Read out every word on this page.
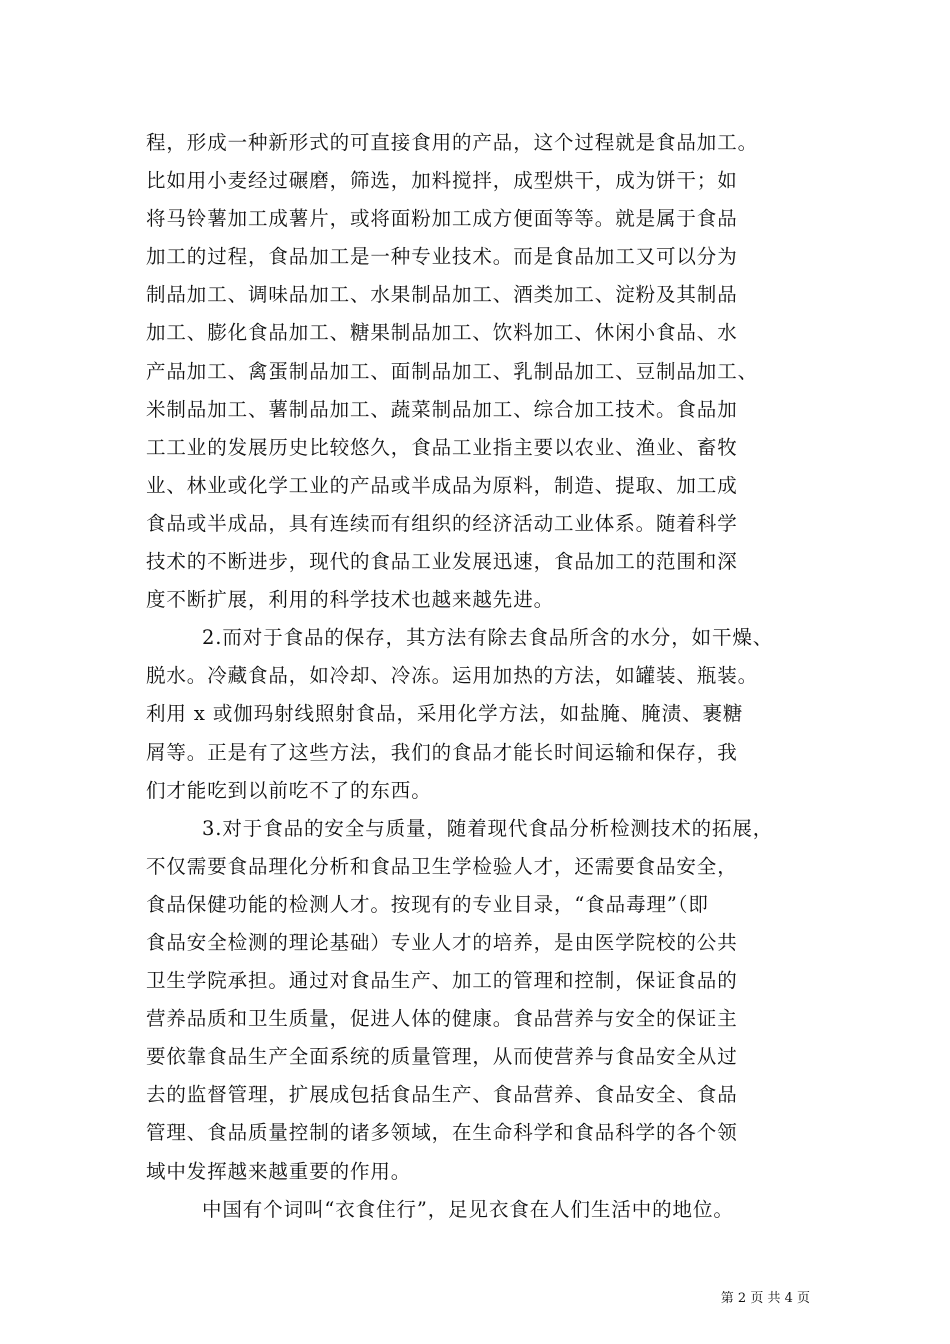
程，形成一种新形式的可直接食用的产品，这个过程就是食品加工。
比如用小麦经过碾磨，筛选，加料搅拌，成型烘干，成为饼干；如
将马铃薯加工成薯片，或将面粉加工成方便面等等。就是属于食品
加工的过程，食品加工是一种专业技术。而是食品加工又可以分为
制品加工、调味品加工、水果制品加工、酒类加工、淀粉及其制品
加工、膨化食品加工、糖果制品加工、饮料加工、休闲小食品、水
产品加工、禽蛋制品加工、面制品加工、乳制品加工、豆制品加工、
米制品加工、薯制品加工、蔬菜制品加工、综合加工技术。食品加
工工业的发展历史比较悠久，食品工业指主要以农业、渔业、畜牧
业、林业或化学工业的产品或半成品为原料，制造、提取、加工成
食品或半成品，具有连续而有组织的经济活动工业体系。随着科学
技术的不断进步，现代的食品工业发展迅速，食品加工的范围和深
度不断扩展，利用的科学技术也越来越先进。
2.而对于食品的保存，其方法有除去食品所含的水分，如干燥、
脱水。冷藏食品，如冷却、冷冻。运用加热的方法，如罐装、瓶装。
利用 x 或伽玛射线照射食品，采用化学方法，如盐腌、腌渍、裹糖
屑等。正是有了这些方法，我们的食品才能长时间运输和保存，我
们才能吃到以前吃不了的东西。
3.对于食品的安全与质量，随着现代食品分析检测技术的拓展，
不仅需要食品理化分析和食品卫生学检验人才，还需要食品安全，
食品保健功能的检测人才。按现有的专业目录，“食品毒理”（即
食品安全检测的理论基础）专业人才的培养，是由医学院校的公共
卫生学院承担。通过对食品生产、加工的管理和控制，保证食品的
营养品质和卫生质量，促进人体的健康。食品营养与安全的保证主
要依靠食品生产全面系统的质量管理，从而使营养与食品安全从过
去的监督管理，扩展成包括食品生产、食品营养、食品安全、食品
管理、食品质量控制的诸多领域，在生命科学和食品科学的各个领
域中发挥越来越重要的作用。
中国有个词叫“衣食住行”，足见衣食在人们生活中的地位。
第 2 页 共 4 页
